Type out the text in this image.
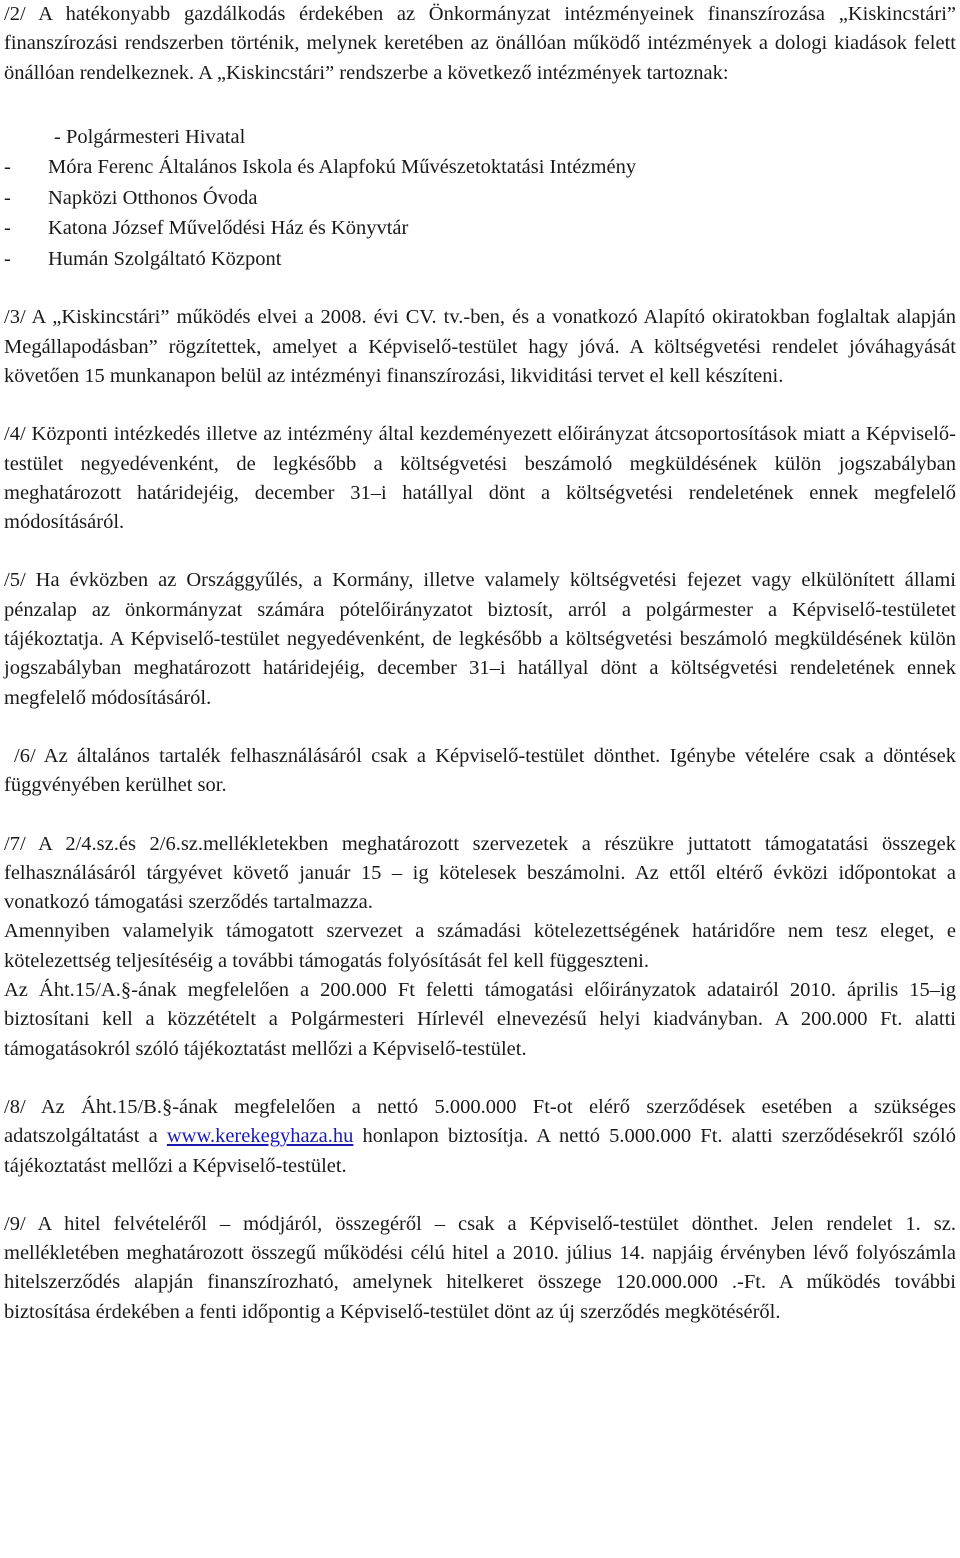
/2/ A hatékonyabb gazdálkodás érdekében az Önkormányzat intézményeinek finanszírozása „Kiskincstári” finanszírozási rendszerben történik, melynek keretében az önállóan működő intézmények a dologi kiadások felett önállóan rendelkeznek. A „Kiskincstári” rendszerbe a következő intézmények tartoznak:

- Polgármesteri Hivatal
- Móra Ferenc Általános Iskola és Alapfokú Művészetoktatási Intézmény
- Napközi Otthonos Óvoda
- Katona József Művelődési Ház és Könyvtár
- Humán Szolgáltató Központ

/3/ A „Kiskincstári” működés elvei a 2008. évi CV. tv.-ben, és a vonatkozó Alapító okiratokban foglaltak alapján Megállapodásban” rögzítettek, amelyet a Képviselő-testület hagy jóvá. A költségvetési rendelet jóváhagyását követően 15 munkanapon belül az intézményi finanszírozási, likviditási tervet el kell készíteni.

/4/ Központi intézkedés illetve az intézmény által kezdeményezett előirányzat átcsoportosítások miatt a Képviselő-testület negyedévenként, de legkésőbb a költségvetési beszámoló megküldésének külön jogszabályban meghatározott határidejéig, december 31–i hatállyal dönt a költségvetési rendeletének ennek megfelelő módosításáról.

/5/ Ha évközben az Országgyűlés, a Kormány, illetve valamely költségvetési fejezet vagy elkülönített állami pénzalap az önkormányzat számára pótelőirányzatot biztosít, arról a polgármester a Képviselő-testületet tájékoztatja. A Képviselő-testület negyedévenként, de legkésőbb a költségvetési beszámoló megküldésének külön jogszabályban meghatározott határidejéig, december 31–i hatállyal dönt a költségvetési rendeletének ennek megfelelő módosításáról.

/6/ Az általános tartalék felhasználásáról csak a Képviselő-testület dönthet. Igénybe vételére csak a döntések függvényében kerülhet sor.

/7/ A 2/4.sz.és 2/6.sz.mellékletekben meghatározott szervezetek a részükre juttatott támogatatási összegek felhasználásáról tárgyévet követő január 15 – ig kötelesek beszámolni. Az ettől eltérő évközi időpontokat a vonatkozó támogatási szerződés tartalmazza.

Amennyiben valamelyik támogatott szervezet a számadási kötelezettségének határidőre nem tesz eleget, e kötelezettség teljesítéséig a további támogatás folyósítását fel kell függeszteni.

Az Áht.15/A.§-ának megfelelően a 200.000 Ft feletti támogatási előirányzatok adatairól 2010. április 15–ig biztosítani kell a közzétételt a Polgármesteri Hírlevél elnevezésű helyi kiadványban. A 200.000 Ft. alatti támogatásokról szóló tájékoztatást mellőzi a Képviselő-testület.

/8/ Az Áht.15/B.§-ának megfelelően a nettó 5.000.000 Ft-ot elérő szerződések esetében a szükséges adatszolgáltatást a www.kerekegyhaza.hu honlapon biztosítja. A nettó 5.000.000 Ft. alatti szerződésekről szóló tájékoztatást mellőzi a Képviselő-testület.

/9/ A hitel felvételéről – módjáról, összegéről – csak a Képviselő-testület dönthet. Jelen rendelet 1. sz. mellékletében meghatározott összegű működési célú hitel a 2010. július 14. napjáig érvényben lévő folyószámla hitelszerződés alapján finanszírozható, amelynek hitelkeret összege 120.000.000 .-Ft. A működés további biztosítása érdekében a fenti időpontig a Képviselő-testület dönt az új szerződés megkötéséről.
